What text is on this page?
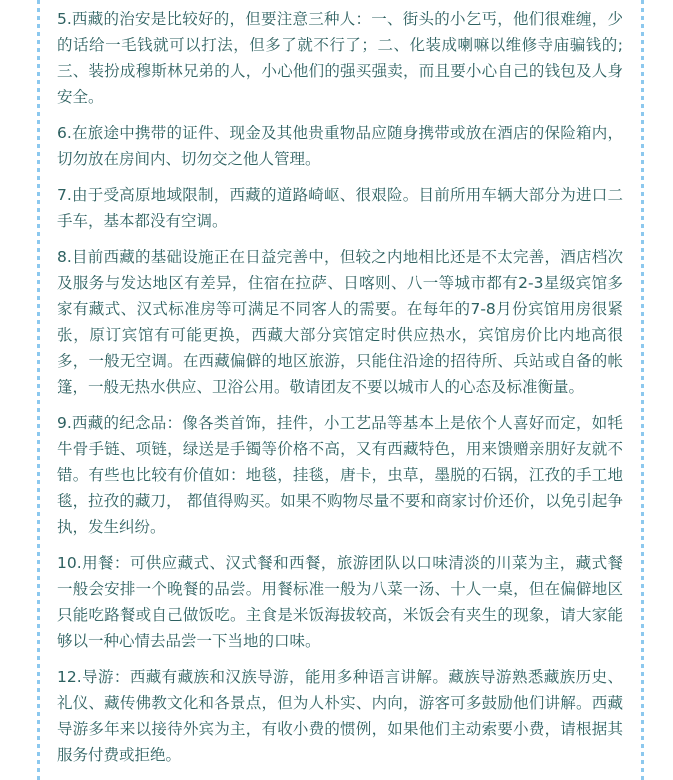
5.西藏的治安是比较好的，但要注意三种人：一、街头的小乞丐，他们很难缠，少的话给一毛钱就可以打法，但多了就不行了；二、化装成喇嘛以维修寺庙骗钱的;三、装扮成穆斯林兄弟的人，小心他们的强买强卖，而且要小心自己的钱包及人身安全。

6.在旅途中携带的证件、现金及其他贵重物品应随身携带或放在酒店的保险箱内，切勿放在房间内、切勿交之他人管理。

7.由于受高原地域限制，西藏的道路崎岖、很艰险。目前所用车辆大部分为进口二手车，基本都没有空调。

8.目前西藏的基础设施正在日益完善中，但较之内地相比还是不太完善，酒店档次及服务与发达地区有差异，住宿在拉萨、日喀则、八一等城市都有2-3星级宾馆多家有藏式、汉式标准房等可满足不同客人的需要。在每年的7-8月份宾馆用房很紧张，原订宾馆有可能更换，西藏大部分宾馆定时供应热水，宾馆房价比内地高很多，一般无空调。在西藏偏僻的地区旅游，只能住沿途的招待所、兵站或自备的帐篷，一般无热水供应、卫浴公用。敬请团友不要以城市人的心态及标准衡量。

9.西藏的纪念品：像各类首饰，挂件，小工艺品等基本上是依个人喜好而定，如牦牛骨手链、项链，绿送是手镯等价格不高，又有西藏特色，用来馈赠亲朋好友就不错。有些也比较有价值如：地毯，挂毯，唐卡，虫草，墨脱的石锅，江孜的手工地毯，拉孜的藏刀， 都值得购买。如果不购物尽量不要和商家讨价还价，以免引起争执，发生纠纷。

10.用餐：可供应藏式、汉式餐和西餐，旅游团队以口味清淡的川菜为主，藏式餐一般会安排一个晚餐的品尝。用餐标准一般为八菜一汤、十人一桌，但在偏僻地区只能吃路餐或自己做饭吃。主食是米饭海拔较高，米饭会有夹生的现象，请大家能够以一种心情去品尝一下当地的口味。

12.导游：西藏有藏族和汉族导游，能用多种语言讲解。藏族导游熟悉藏族历史、礼仪、藏传佛教文化和各景点，但为人朴实、内向，游客可多鼓励他们讲解。西藏导游多年来以接待外宾为主，有收小费的惯例，如果他们主动索要小费，请根据其服务付费或拒绝。
